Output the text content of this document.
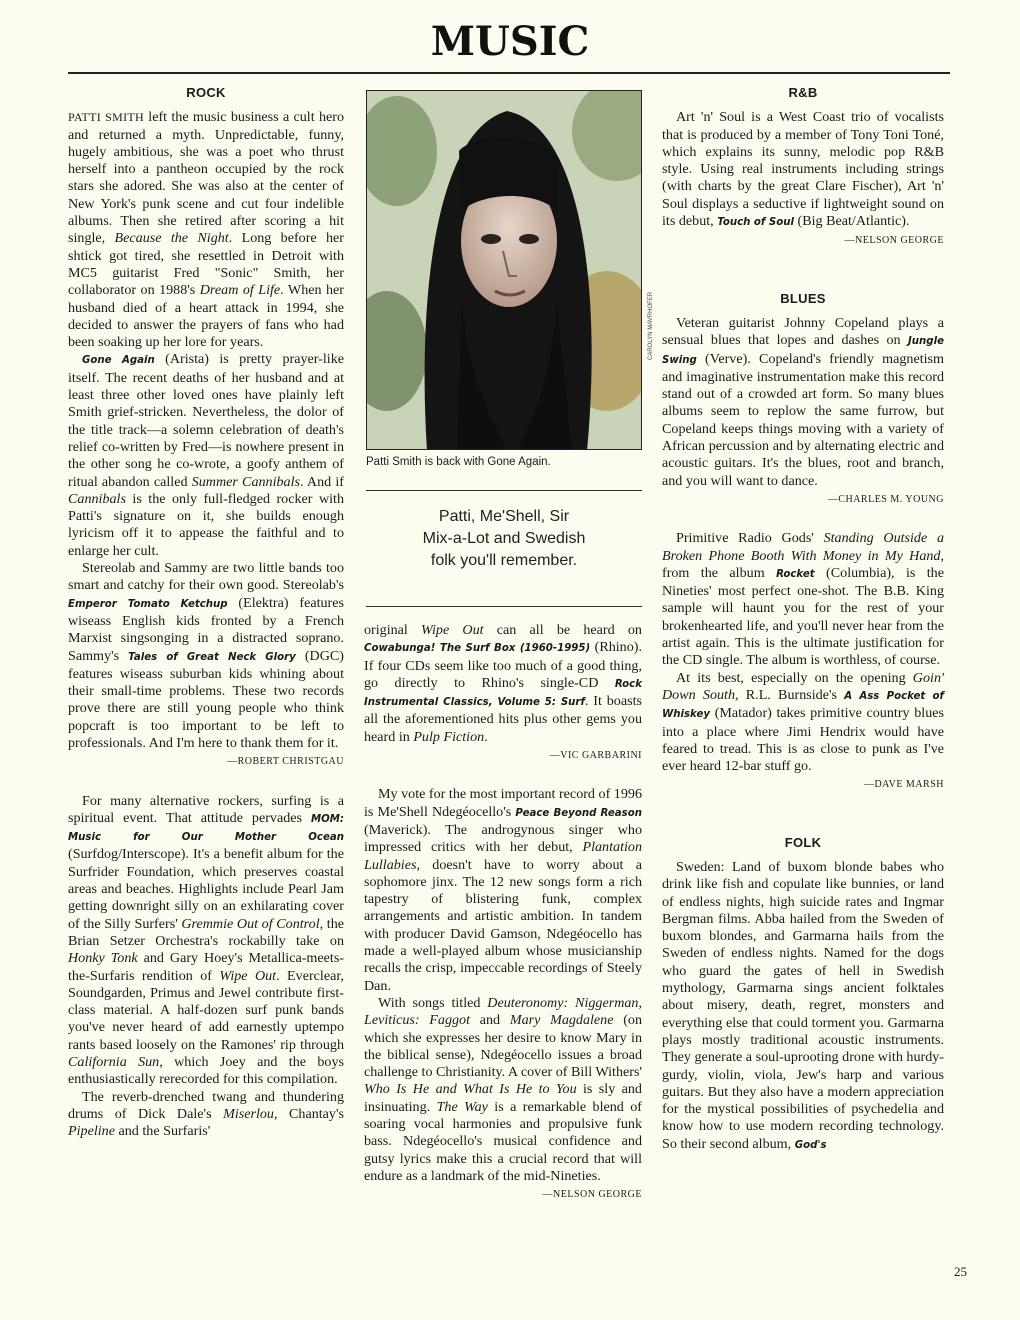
MUSIC
ROCK

PATTI SMITH left the music business a cult hero and returned a myth. Unpredictable, funny, hugely ambitious, she was a poet who thrust herself into a pantheon occupied by the rock stars she adored. She was also at the center of New York's punk scene and cut four indelible albums. Then she retired after scoring a hit single, Because the Night. Long before her shtick got tired, she resettled in Detroit with MC5 guitarist Fred "Sonic" Smith, her collaborator on 1988's Dream of Life. When her husband died of a heart attack in 1994, she decided to answer the prayers of fans who had been soaking up her lore for years.

Gone Again (Arista) is pretty prayer-like itself. The recent deaths of her husband and at least three other loved ones have plainly left Smith grief-stricken. Nevertheless, the dolor of the title track—a solemn celebration of death's relief co-written by Fred—is nowhere present in the other song he co-wrote, a goofy anthem of ritual abandon called Summer Cannibals. And if Cannibals is the only full-fledged rocker with Patti's signature on it, she builds enough lyricism off it to appease the faithful and to enlarge her cult.

Stereolab and Sammy are two little bands too smart and catchy for their own good. Stereolab's Emperor Tomato Ketchup (Elektra) features wiseass English kids fronted by a French Marxist singsonging in a distracted soprano. Sammy's Tales of Great Neck Glory (DGC) features wiseass suburban kids whining about their small-time problems. These two records prove there are still young people who think popcraft is too important to be left to professionals. And I'm here to thank them for it.

—ROBERT CHRISTGAU

For many alternative rockers, surfing is a spiritual event. That attitude pervades MOM: Music for Our Mother Ocean (Surfdog/Interscope). It's a benefit album for the Surfrider Foundation, which preserves coastal areas and beaches. Highlights include Pearl Jam getting downright silly on an exhilarating cover of the Silly Surfers' Gremmie Out of Control, the Brian Setzer Orchestra's rockabilly take on Honky Tonk and Gary Hoey's Metallica-meets-the-Surfaris rendition of Wipe Out. Everclear, Soundgarden, Primus and Jewel contribute first-class material. A half-dozen surf punk bands you've never heard of add earnestly uptempo rants based loosely on the Ramones' rip through California Sun, which Joey and the boys enthusiastically rerecorded for this compilation.

The reverb-drenched twang and thundering drums of Dick Dale's Miserlou, Chantay's Pipeline and the Surfaris'

CAROLYN MAVRHOFER
Patti Smith is back with Gone Again.
Patti, Me'Shell, Sir
Mix-a-Lot and Swedish
folk you'll remember.

original Wipe Out can all be heard on Cowabunga! The Surf Box (1960-1995) (Rhino). If four CDs seem like too much of a good thing, go directly to Rhino's single-CD Rock Instrumental Classics, Volume 5: Surf. It boasts all the aforementioned hits plus other gems you heard in Pulp Fiction.

—VIC GARBARINI

My vote for the most important record of 1996 is Me'Shell Ndegéocello's Peace Beyond Reason (Maverick). The androgynous singer who impressed critics with her debut, Plantation Lullabies, doesn't have to worry about a sophomore jinx. The 12 new songs form a rich tapestry of blistering funk, complex arrangements and artistic ambition. In tandem with producer David Gamson, Ndegéocello has made a well-played album whose musicianship recalls the crisp, impeccable recordings of Steely Dan.

With songs titled Deuteronomy: Niggerman, Leviticus: Faggot and Mary Magdalene (on which she expresses her desire to know Mary in the biblical sense), Ndegéocello issues a broad challenge to Christianity. A cover of Bill Withers' Who Is He and What Is He to You is sly and insinuating. The Way is a remarkable blend of soaring vocal harmonies and propulsive funk bass. Ndegéocello's musical confidence and gutsy lyrics make this a crucial record that will endure as a landmark of the mid-Nineties.

—NELSON GEORGE
R&B

Art 'n' Soul is a West Coast trio of vocalists that is produced by a member of Tony Toni Toné, which explains its sunny, melodic pop R&B style. Using real instruments including strings (with charts by the great Clare Fischer), Art 'n' Soul displays a seductive if lightweight sound on its debut, Touch of Soul (Big Beat/Atlantic).

—NELSON GEORGE
BLUES

Veteran guitarist Johnny Copeland plays a sensual blues that lopes and dashes on Jungle Swing (Verve). Copeland's friendly magnetism and imaginative instrumentation make this record stand out of a crowded art form. So many blues albums seem to replow the same furrow, but Copeland keeps things moving with a variety of African percussion and by alternating electric and acoustic guitars. It's the blues, root and branch, and you will want to dance.

—CHARLES M. YOUNG

Primitive Radio Gods' Standing Outside a Broken Phone Booth With Money in My Hand, from the album Rocket (Columbia), is the Nineties' most perfect one-shot. The B.B. King sample will haunt you for the rest of your brokenhearted life, and you'll never hear from the artist again. This is the ultimate justification for the CD single. The album is worthless, of course.

At its best, especially on the opening Goin' Down South, R.L. Burnside's A Ass Pocket of Whiskey (Matador) takes primitive country blues into a place where Jimi Hendrix would have feared to tread. This is as close to punk as I've ever heard 12-bar stuff go.

—DAVE MARSH
FOLK

Sweden: Land of buxom blonde babes who drink like fish and copulate like bunnies, or land of endless nights, high suicide rates and Ingmar Bergman films. Abba hailed from the Sweden of buxom blondes, and Garmarna hails from the Sweden of endless nights. Named for the dogs who guard the gates of hell in Swedish mythology, Garmarna sings ancient folktales about misery, death, regret, monsters and everything else that could torment you. Garmarna plays mostly traditional acoustic instruments. They generate a soul-uprooting drone with hurdy-gurdy, violin, viola, Jew's harp and various guitars. But they also have a modern appreciation for the mystical possibilities of psychedelia and know how to use modern recording technology. So their second album, God's

25
